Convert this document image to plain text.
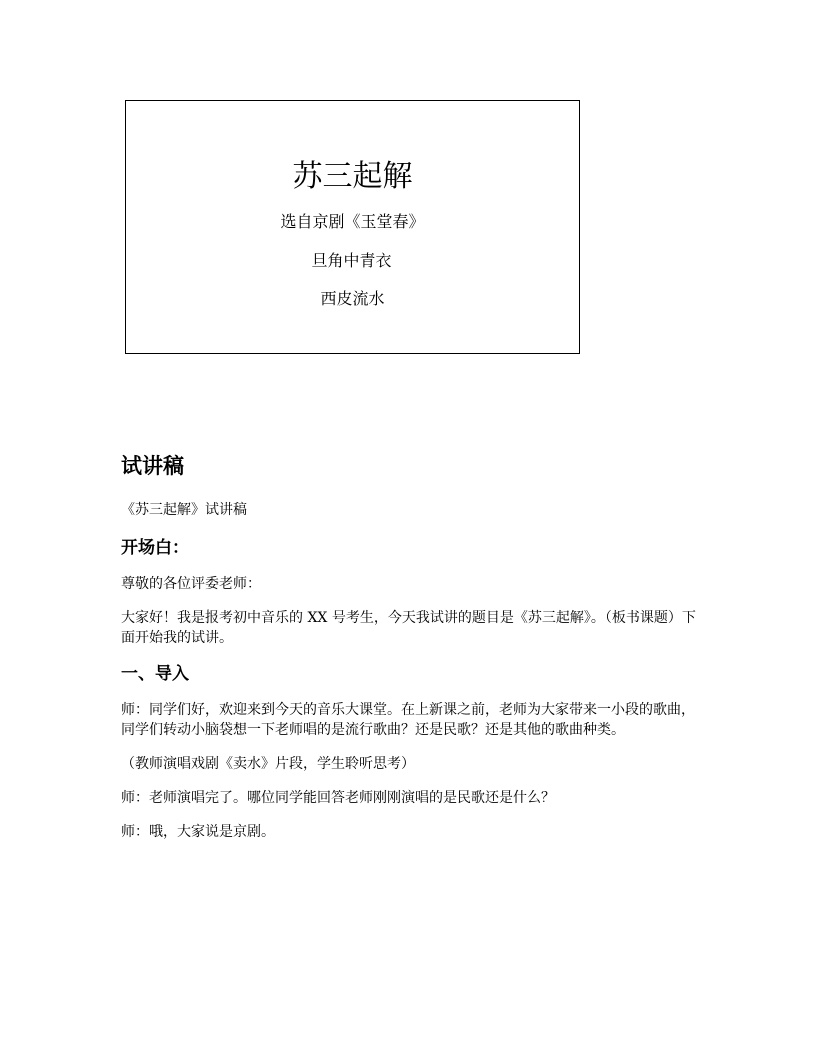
苏三起解
选自京剧《玉堂春》
旦角中青衣
西皮流水
试讲稿
《苏三起解》试讲稿
开场白：
尊敬的各位评委老师：
大家好！我是报考初中音乐的 XX 号考生，今天我试讲的题目是《苏三起解》。（板书课题）下面开始我的试讲。
一、导入
师：同学们好，欢迎来到今天的音乐大课堂。在上新课之前，老师为大家带来一小段的歌曲，同学们转动小脑袋想一下老师唱的是流行歌曲？还是民歌？还是其他的歌曲种类。
（教师演唱戏剧《卖水》片段，学生聆听思考）
师：老师演唱完了。哪位同学能回答老师刚刚演唱的是民歌还是什么？
师：哦，大家说是京剧。
